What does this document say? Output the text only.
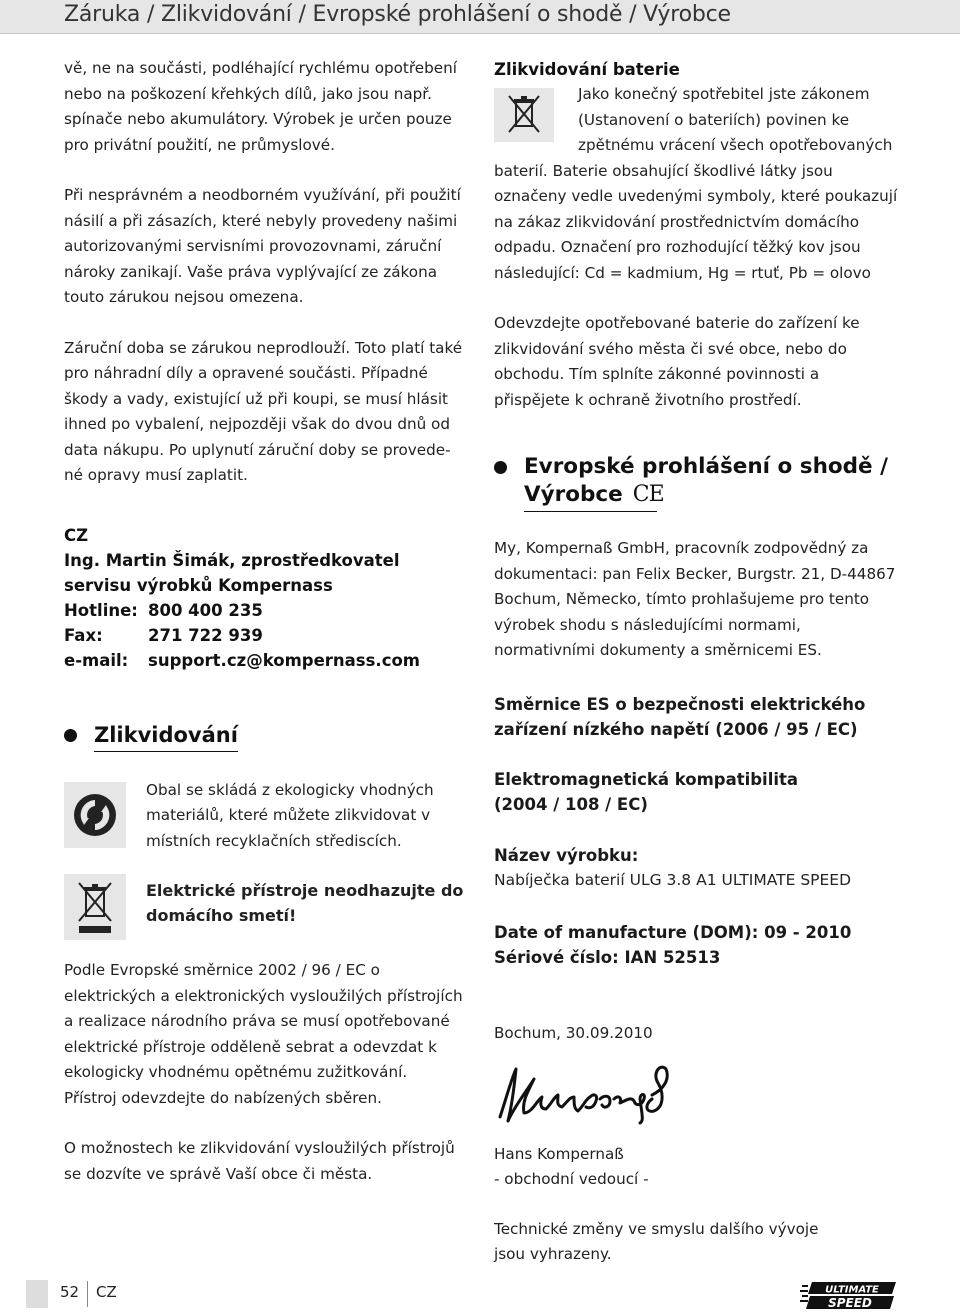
Záruka / Zlikvidování / Evropské prohlášení o shodě / Výrobce

vě, ne na součásti, podléhající rychlému opotřebení nebo na poškození křehkých dílů, jako jsou např. spínače nebo akumulátory. Výrobek je určen pouze pro privátní použití, ne průmyslové.

Při nesprávném a neodborném využívání, při použití násilí a při zásazích, které nebyly provedeny našimi autorizovanými servisními provozovnami, záruční nároky zanikají. Vaše práva vyplývající ze zákona touto zárukou nejsou omezena.

Záruční doba se zárukou neprodlouží. Toto platí také pro náhradní díly a opravené součásti. Případné škody a vady, existující už při koupi, se musí hlásit ihned po vybalení, nejpozději však do dvou dnů od data nákupu. Po uplynutí záruční doby se provede-né opravy musí zaplatit.

CZ
Ing. Martin Šimák, zprostředkovatel
servisu výrobků Kompernass
Hotline: 800 400 235
Fax:	271 722 939
e-mail:	support.cz@kompernass.com
Zlikvidování

Obal se skládá z ekologicky vhodných materiálů, které můžete zlikvidovat v místních recyklačních střediscích.

Elektrické přístroje neodhazujte do domácího smetí!

Podle Evropské směrnice 2002 / 96 / EC o elektrických a elektronických vysloužilých přístrojích a realizace národního práva se musí opotřebované elektrické přístroje odděleně sebrat a odevzdat k ekologicky vhodnému opětnému zužitkování. Přístroj odevzdejte do nabízených sběren.

O možnostech ke zlikvidování vysloužilých přístrojů se dozvíte ve správě Vaší obce či města.

Zlikvidování baterie

Jako konečný spotřebitel jste zákonem (Ustanovení o bateriích) povinen ke zpětnému vrácení všech opotřebovaných

baterií. Baterie obsahující škodlivé látky jsou označeny vedle uvedenými symboly, které poukazují na zákaz zlikvidování prostřednictvím domácího odpadu. Označení pro rozhodující těžký kov jsou následující: Cd = kadmium, Hg = rtuť, Pb = olovo

Odevzdejte opotřebované baterie do zařízení ke zlikvidování svého města či své obce, nebo do obchodu. Tím splníte zákonné povinnosti a přispějete k ochraně životního prostředí.

Evropské prohlášení o shodě /
Výrobce CE

My, Kompernaß GmbH, pracovník zodpovědný za dokumentaci: pan Felix Becker, Burgstr. 21, D-44867 Bochum, Německo, tímto prohlašujeme pro tento výrobek shodu s následujícími normami, normativními dokumenty a směrnicemi ES.

Směrnice ES o bezpečnosti elektrického zařízení nízkého napětí (2006 / 95 / EC)
Elektromagnetická kompatibilita (2004 / 108 / EC)
Název výrobku:

Nabíječka baterií ULG 3.8 A1 ULTIMATE SPEED

Date of manufacture (DOM): 09 - 2010
Sériové číslo: IAN 52513

Bochum, 30.09.2010

Hans Kompernaß

- obchodní vedoucí -

Technické změny ve smyslu dalšího vývoje jsou vyhrazeny.

52 CZ	ULTIMATE
SPEED
